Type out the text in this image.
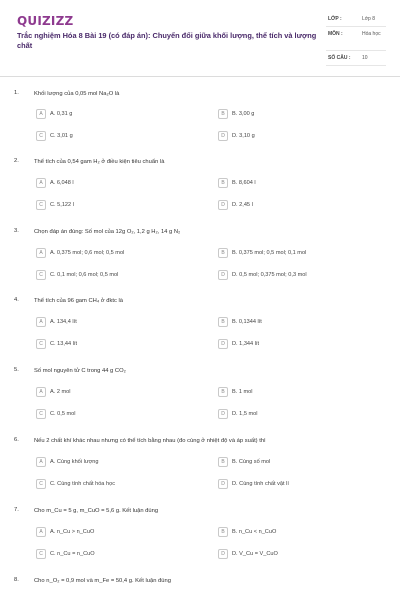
QUIZIZZ
Trắc nghiệm Hóa 8 Bài 19 (có đáp án): Chuyển đổi giữa khối lượng, thể tích và lượng chất
LỚP :	Lớp 8
MÔN :	Hóa học
SỐ CÂU : 10
1.	Khối lượng của 0,05 mol Na₂O là
A	A. 0,31 g	B	B. 3,00 g
C	C. 3,01 g	D	D. 3,10 g
2.	Thể tích của 0,54 gam H₂ ở điều kiện tiêu chuẩn là
A	A. 6,048 l	B	B. 8,604 l
C	C. 5,122 l	D	D. 2,45 l
3.	Chọn đáp án đúng: Số mol của 12g O₂, 1,2 g H₂, 14 g N₂
A	A. 0,375 mol; 0,6 mol; 0,5 mol	B	B. 0,375 mol; 0,5 mol; 0,1 mol
C	C. 0,1 mol; 0,6 mol; 0,5 mol	D	D. 0,5 mol; 0,375 mol; 0,3 mol
4.	Thể tích của 96 gam CH₄ ở đktc là
A	A. 134,4 lít	B	B. 0,1344 lít
C	C. 13,44 lít	D	D. 1,344 lít
5.	Số mol nguyên tử C trong 44 g CO₂
A	A. 2 mol	B	B. 1 mol
C	C. 0,5 mol	D	D. 1,5 mol
6.	Nếu 2 chất khí khác nhau nhưng có thể tích bằng nhau (đo cùng ở nhiệt độ và áp suất) thì
A	A. Cùng khối lượng	B	B. Cùng số mol
C	C. Cùng tính chất hóa học	D	D. Cùng tính chất vật lí
7.	Cho m_Cu = 5 g, m_CuO = 5,6 g. Kết luận đúng
A	A. n_Cu > n_CuO	B	B. n_Cu < n_CuO
C	C. n_Cu = n_CuO	D	D. V_Cu = V_CuO
8.	Cho n_O₂ = 0,9 mol và m_Fe = 50,4 g. Kết luận đúng
